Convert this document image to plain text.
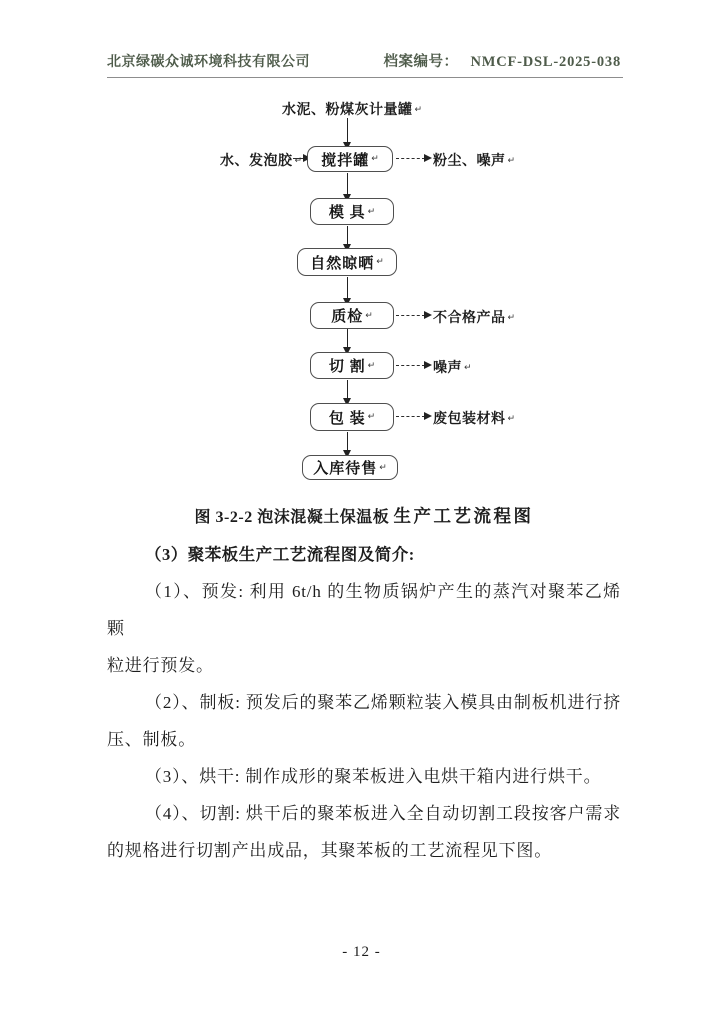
北京绿碳众诚环境科技有限公司	档案编号： NMCF-DSL-2025-038
水泥、粉煤灰计量罐 ↵
水、发泡胶 ↵ 搅拌罐 ↵	粉尘、噪声 ↵
模 具 ↵
自然晾晒 ↵
质检 ↵	不合格产品 ↵
切 割 ↵	噪声 ↵
包 装 ↵	废包装材料 ↵
入库待售 ↵
图 3-2-2 泡沫混凝土保温板 生产工艺流程图
（3）聚苯板生产工艺流程图及简介:
（1）、预发: 利用 6t/h 的生物质锅炉产生的蒸汽对聚苯乙烯颗
粒进行预发。
（2）、制板: 预发后的聚苯乙烯颗粒装入模具由制板机进行挤
压、制板。
（3）、烘干: 制作成形的聚苯板进入电烘干箱内进行烘干。
（4）、切割: 烘干后的聚苯板进入全自动切割工段按客户需求
的规格进行切割产出成品，其聚苯板的工艺流程见下图。
- 12 -
